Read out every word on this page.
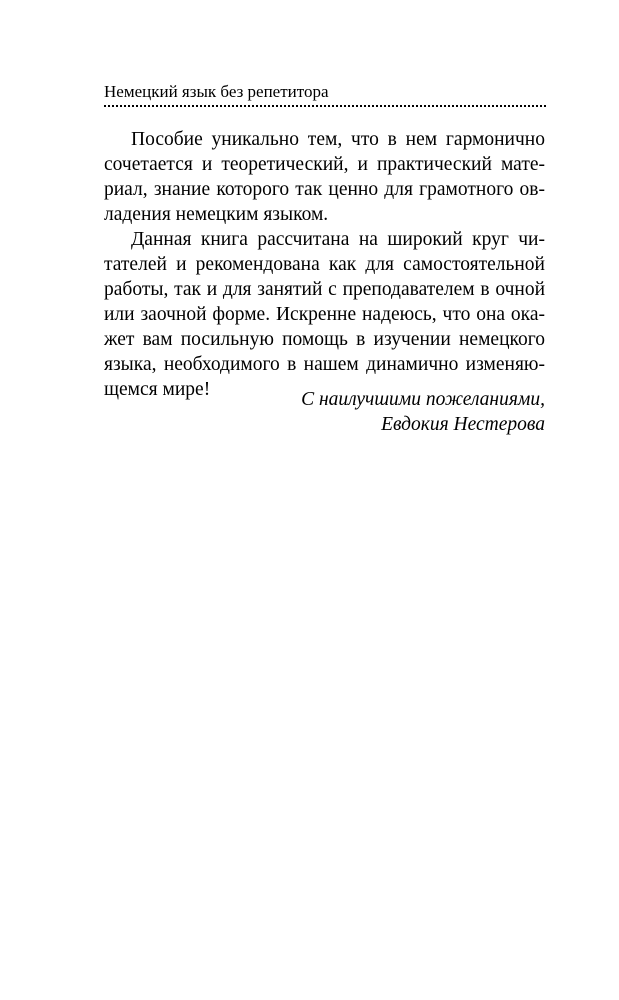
Немецкий язык без репетитора

Пособие уникально тем, что в нем гармонично
сочетается и теоретический, и практический мате-
риал, знание которого так ценно для грамотного ов-
ладения немецким языком.

Данная книга рассчитана на широкий круг чи-
тателей и рекомендована как для самостоятельной
работы, так и для занятий с преподавателем в очной
или заочной форме. Искренне надеюсь, что она ока-
жет вам посильную помощь в изучении немецкого
языка, необходимого в нашем динамично изменяю-
щемся мире!	С наилучшими пожеланиями,
Евдокия Нестерова
